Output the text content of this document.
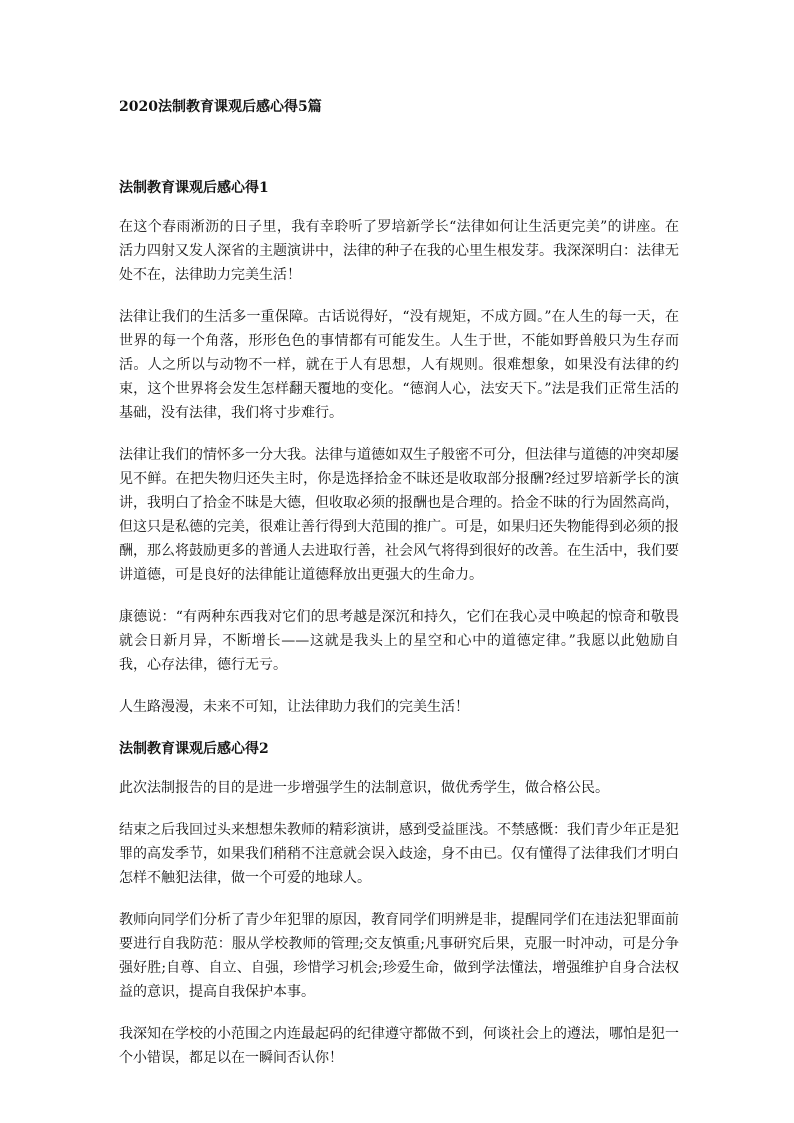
2020法制教育课观后感心得5篇
法制教育课观后感心得1

在这个春雨淅沥的日子里，我有幸聆听了罗培新学长“法律如何让生活更完美”的讲座。在活力四射又发人深省的主题演讲中，法律的种子在我的心里生根发芽。我深深明白：法律无处不在，法律助力完美生活！

法律让我们的生活多一重保障。古话说得好，“没有规矩，不成方圆。”在人生的每一天，在世界的每一个角落，形形色色的事情都有可能发生。人生于世，不能如野兽般只为生存而活。人之所以与动物不一样，就在于人有思想，人有规则。很难想象，如果没有法律的约束，这个世界将会发生怎样翻天覆地的变化。“德润人心，法安天下。”法是我们正常生活的基础，没有法律，我们将寸步难行。

法律让我们的情怀多一分大我。法律与道德如双生子般密不可分，但法律与道德的冲突却屡见不鲜。在把失物归还失主时，你是选择拾金不昧还是收取部分报酬?经过罗培新学长的演讲，我明白了拾金不昧是大德，但收取必须的报酬也是合理的。拾金不昧的行为固然高尚，但这只是私德的完美，很难让善行得到大范围的推广。可是，如果归还失物能得到必须的报酬，那么将鼓励更多的普通人去进取行善，社会风气将得到很好的改善。在生活中，我们要讲道德，可是良好的法律能让道德释放出更强大的生命力。

康德说：“有两种东西我对它们的思考越是深沉和持久，它们在我心灵中唤起的惊奇和敬畏就会日新月异，不断增长——这就是我头上的星空和心中的道德定律。”我愿以此勉励自我，心存法律，德行无亏。

人生路漫漫，未来不可知，让法律助力我们的完美生活！

法制教育课观后感心得2

此次法制报告的目的是进一步增强学生的法制意识，做优秀学生，做合格公民。

结束之后我回过头来想想朱教师的精彩演讲，感到受益匪浅。不禁感慨：我们青少年正是犯罪的高发季节，如果我们稍稍不注意就会误入歧途，身不由已。仅有懂得了法律我们才明白怎样不触犯法律，做一个可爱的地球人。

教师向同学们分析了青少年犯罪的原因，教育同学们明辨是非，提醒同学们在违法犯罪面前要进行自我防范：服从学校教师的管理;交友慎重;凡事研究后果，克服一时冲动，可是分争强好胜;自尊、自立、自强，珍惜学习机会;珍爱生命，做到学法懂法，增强维护自身合法权益的意识，提高自我保护本事。

我深知在学校的小范围之内连最起码的纪律遵守都做不到，何谈社会上的遵法，哪怕是犯一个小错误，都足以在一瞬间否认你！
